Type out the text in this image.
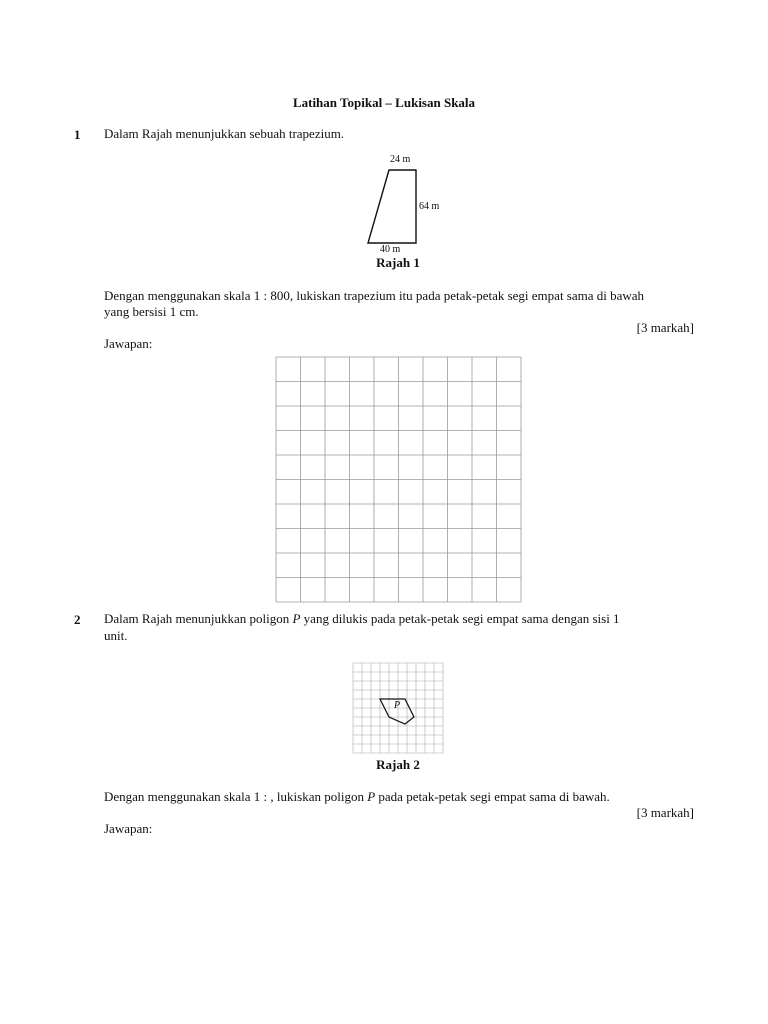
Latihan Topikal – Lukisan Skala
1 Dalam Rajah menunjukkan sebuah trapezium.
24 m
64 m
40 m
Rajah 1
Dengan menggunakan skala 1 : 800, lukiskan trapezium itu pada petak-petak segi empat sama di bawah
yang bersisi 1 cm.
[3 markah]
Jawapan:
2 Dalam Rajah menunjukkan poligon P yang dilukis pada petak-petak segi empat sama dengan sisi 1
unit.
P
Rajah 2
Dengan menggunakan skala 1 : , lukiskan poligon P pada petak-petak segi empat sama di bawah.
[3 markah]
Jawapan:
